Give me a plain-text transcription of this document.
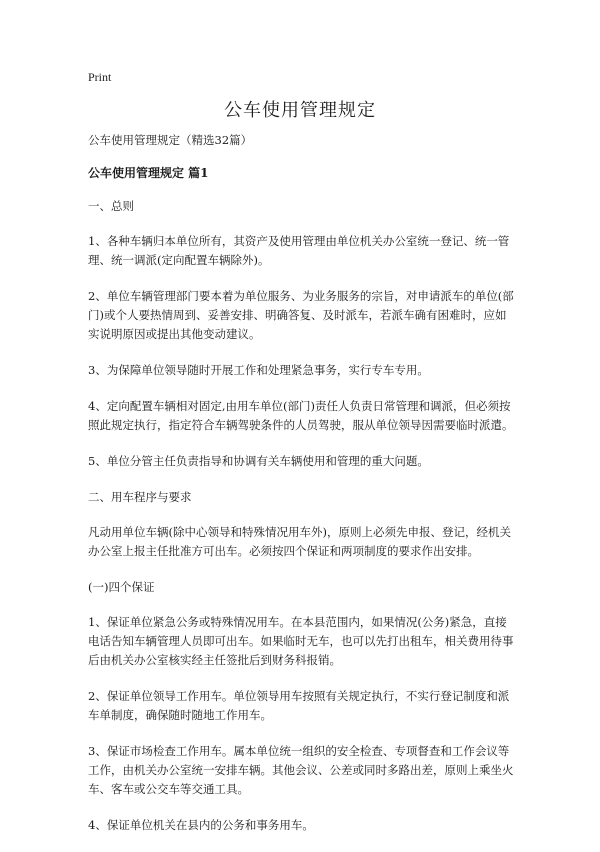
Print
公车使用管理规定

公车使用管理规定（精选32篇）

公车使用管理规定 篇1

一、总则

1、各种车辆归本单位所有，其资产及使用管理由单位机关办公室统一登记、统一管理、统一调派(定向配置车辆除外)。

2、单位车辆管理部门要本着为单位服务、为业务服务的宗旨，对申请派车的单位(部门)或个人要热情周到、妥善安排、明确答复、及时派车，若派车确有困难时，应如实说明原因或提出其他变动建议。

3、为保障单位领导随时开展工作和处理紧急事务，实行专车专用。

4、定向配置车辆相对固定,由用车单位(部门)责任人负责日常管理和调派，但必须按照此规定执行，指定符合车辆驾驶条件的人员驾驶，服从单位领导因需要临时派遣。

5、单位分管主任负责指导和协调有关车辆使用和管理的重大问题。

二、用车程序与要求

凡动用单位车辆(除中心领导和特殊情况用车外)，原则上必须先申报、登记，经机关办公室上报主任批准方可出车。必须按四个保证和两项制度的要求作出安排。

(一)四个保证

1、保证单位紧急公务或特殊情况用车。在本县范围内，如果情况(公务)紧急，直接电话告知车辆管理人员即可出车。如果临时无车，也可以先打出租车，相关费用待事后由机关办公室核实经主任签批后到财务科报销。

2、保证单位领导工作用车。单位领导用车按照有关规定执行，不实行登记制度和派车单制度，确保随时随地工作用车。

3、保证市场检查工作用车。属本单位统一组织的安全检查、专项督查和工作会议等工作，由机关办公室统一安排车辆。其他会议、公差或同时多路出差，原则上乘坐火车、客车或公交车等交通工具。

4、保证单位机关在县内的公务和事务用车。
